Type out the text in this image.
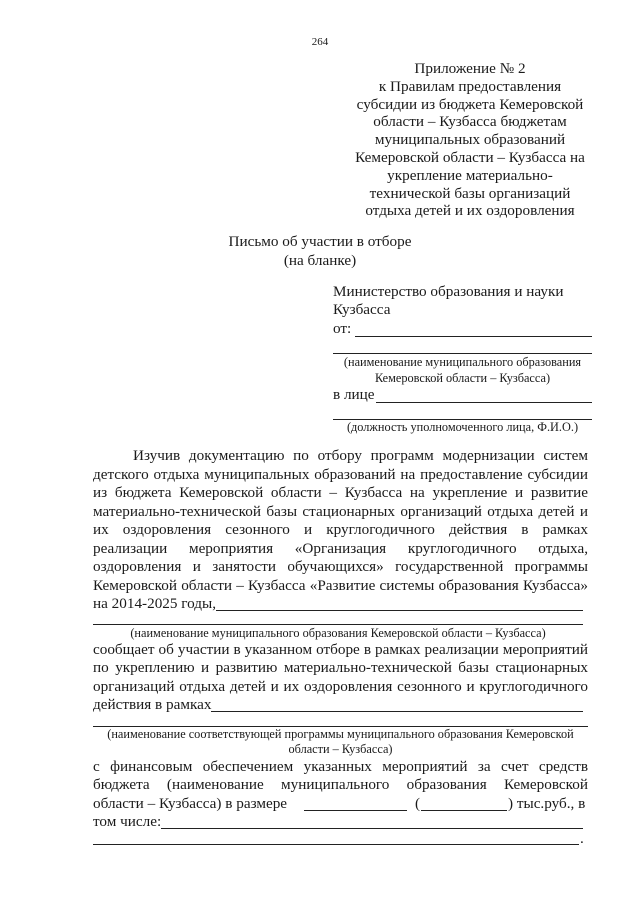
264
Приложение № 2
к Правилам предоставления
субсидии из бюджета Кемеровской
области – Кузбасса бюджетам
муниципальных образований
Кемеровской области – Кузбасса на
укрепление материально-
технической базы организаций
отдыха детей и их оздоровления
Письмо об участии в отборе
(на бланке)
Министерство образования и науки
Кузбасса
от:
(наименование муниципального образования
Кемеровской области – Кузбасса)
в лице
(должность уполномоченного лица, Ф.И.О.)
Изучив документацию по отбору программ модернизации систем
детского отдыха муниципальных образований на предоставление субсидии
из бюджета Кемеровской области – Кузбасса на укрепление и развитие
материально-технической базы стационарных организаций отдыха детей и
их оздоровления сезонного и круглогодичного действия в рамках
реализации мероприятия «Организация круглогодичного отдыха,
оздоровления и занятости обучающихся» государственной программы
Кемеровской области – Кузбасса «Развитие системы образования Кузбасса»
на 2014-2025 годы,
(наименование муниципального образования Кемеровской области – Кузбасса)
сообщает об участии в указанном отборе в рамках реализации мероприятий
по укреплению и развитию материально-технической базы стационарных
организаций отдыха детей и их оздоровления сезонного и круглогодичного
действия в рамках
(наименование соответствующей программы муниципального образования Кемеровской
области – Кузбасса)
с финансовым обеспечением указанных мероприятий за счет средств
бюджета (наименование муниципального образования Кемеровской
области – Кузбасса) в размере	(	) тыс.руб., в
том числе:
.
